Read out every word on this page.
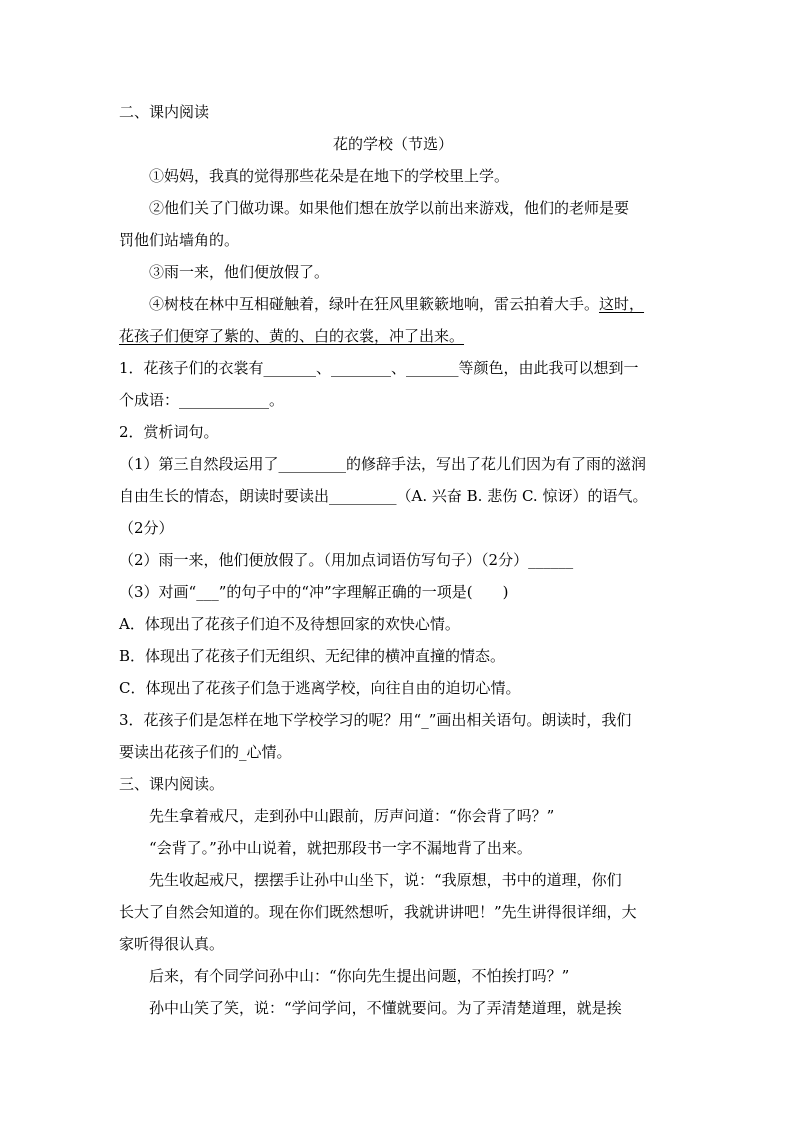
二、课内阅读
花的学校（节选）
①妈妈，我真的觉得那些花朵是在地下的学校里上学。
②他们关了门做功课。如果他们想在放学以前出来游戏，他们的老师是要
罚他们站墙角的。
③雨一来，他们便放假了。
④树枝在林中互相碰触着，绿叶在狂风里簌簌地响，雷云拍着大手。这时，
花孩子们便穿了紫的、黄的、白的衣裳，冲了出来。
1．花孩子们的衣裳有_______、________、_______等颜色，由此我可以想到一
个成语：____________。
2．赏析词句。
（1）第三自然段运用了_________的修辞手法，写出了花儿们因为有了雨的滋润
自由生长的情态，朗读时要读出_________（A. 兴奋 B. 悲伤 C. 惊讶）的语气。
（2分）
（2）雨一来，他们便放假了。（用加点词语仿写句子）（2分）______
（3）对画“___”的句子中的“冲”字理解正确的一项是(　　)
A．体现出了花孩子们迫不及待想回家的欢快心情。
B．体现出了花孩子们无组织、无纪律的横冲直撞的情态。
C．体现出了花孩子们急于逃离学校，向往自由的迫切心情。
3．花孩子们是怎样在地下学校学习的呢？用“_”画出相关语句。朗读时，我们
要读出花孩子们的_心情。
三、课内阅读。
先生拿着戒尺，走到孙中山跟前，厉声问道：“你会背了吗？”
“会背了。”孙中山说着，就把那段书一字不漏地背了出来。
先生收起戒尺，摆摆手让孙中山坐下，说：“我原想，书中的道理，你们
长大了自然会知道的。现在你们既然想听，我就讲讲吧！”先生讲得很详细，大
家听得很认真。
后来，有个同学问孙中山：“你向先生提出问题，不怕挨打吗？”
孙中山笑了笑，说：“学问学问，不懂就要问。为了弄清楚道理，就是挨
